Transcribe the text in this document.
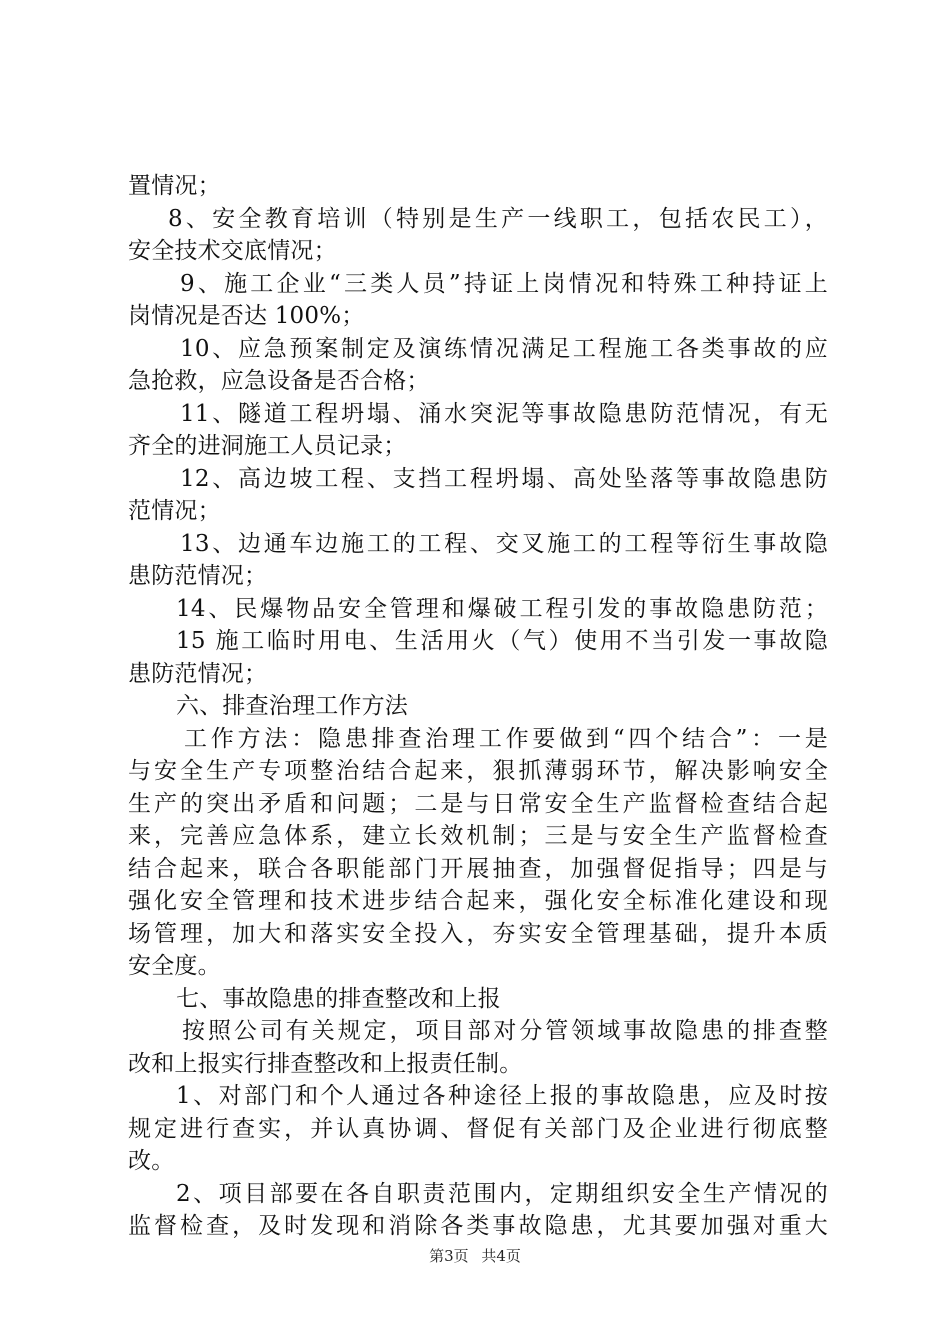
置情况；
8、安全教育培训（特别是生产一线职工，包括农民工），
安全技术交底情况；
9、施工企业“三类人员”持证上岗情况和特殊工种持证上
岗情况是否达 100%；
10、应急预案制定及演练情况满足工程施工各类事故的应
急抢救，应急设备是否合格；
11、隧道工程坍塌、涌水突泥等事故隐患防范情况，有无
齐全的进洞施工人员记录；
12、高边坡工程、支挡工程坍塌、高处坠落等事故隐患防
范情况；
13、边通车边施工的工程、交叉施工的工程等衍生事故隐
患防范情况；
14、民爆物品安全管理和爆破工程引发的事故隐患防范；
15 施工临时用电、生活用火（气）使用不当引发一事故隐
患防范情况；
六、排查治理工作方法
工作方法：隐患排查治理工作要做到“四个结合”：一是
与安全生产专项整治结合起来，狠抓薄弱环节，解决影响安全
生产的突出矛盾和问题；二是与日常安全生产监督检查结合起
来，完善应急体系，建立长效机制；三是与安全生产监督检查
结合起来，联合各职能部门开展抽查，加强督促指导；四是与
强化安全管理和技术进步结合起来，强化安全标准化建设和现
场管理，加大和落实安全投入，夯实安全管理基础，提升本质
安全度。
七、事故隐患的排查整改和上报
按照公司有关规定，项目部对分管领域事故隐患的排查整
改和上报实行排查整改和上报责任制。
1、对部门和个人通过各种途径上报的事故隐患，应及时按
规定进行查实，并认真协调、督促有关部门及企业进行彻底整
改。
2、项目部要在各自职责范围内，定期组织安全生产情况的
监督检查，及时发现和消除各类事故隐患，尤其要加强对重大
第3页 共4页
